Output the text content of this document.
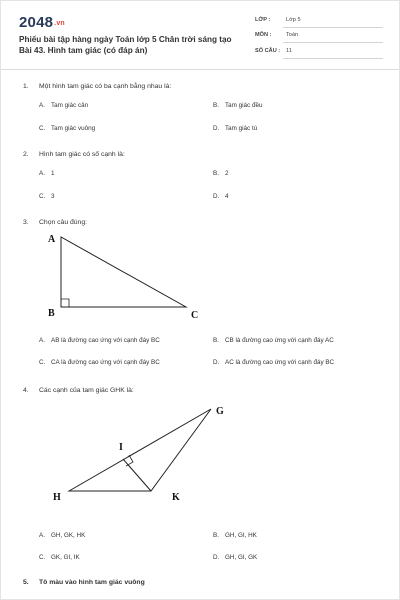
2048.vn
Phiếu bài tập hàng ngày Toán lớp 5 Chân trời sáng tạo Bài 43. Hình tam giác (có đáp án)
LỚP :	Lớp 5
MÔN :	Toán
SỐ CÂU : 11
1. Một hình tam giác có ba cạnh bằng nhau là:
A. Tam giác cân	B. Tam giác đều
C. Tam giác vuông	D. Tam giác tù
2. Hình tam giác có số cạnh là:
A. 1	B. 2
C. 3	D. 4
3. Chọn câu đúng:
A
B	C
A. AB là đường cao ứng với cạnh đáy BC	B. CB là đường cao ứng với cạnh đáy AC
C. CA là đường cao ứng với cạnh đáy BC	D. AC là đường cao ứng với cạnh đáy BC
4. Các cạnh của tam giác GHK là:
G
H	K
I
A. GH, GK, HK	B. GH, GI, HK
C. GK, GI, IK	D. GH, GI, GK
5. Tô màu vào hình tam giác vuông
